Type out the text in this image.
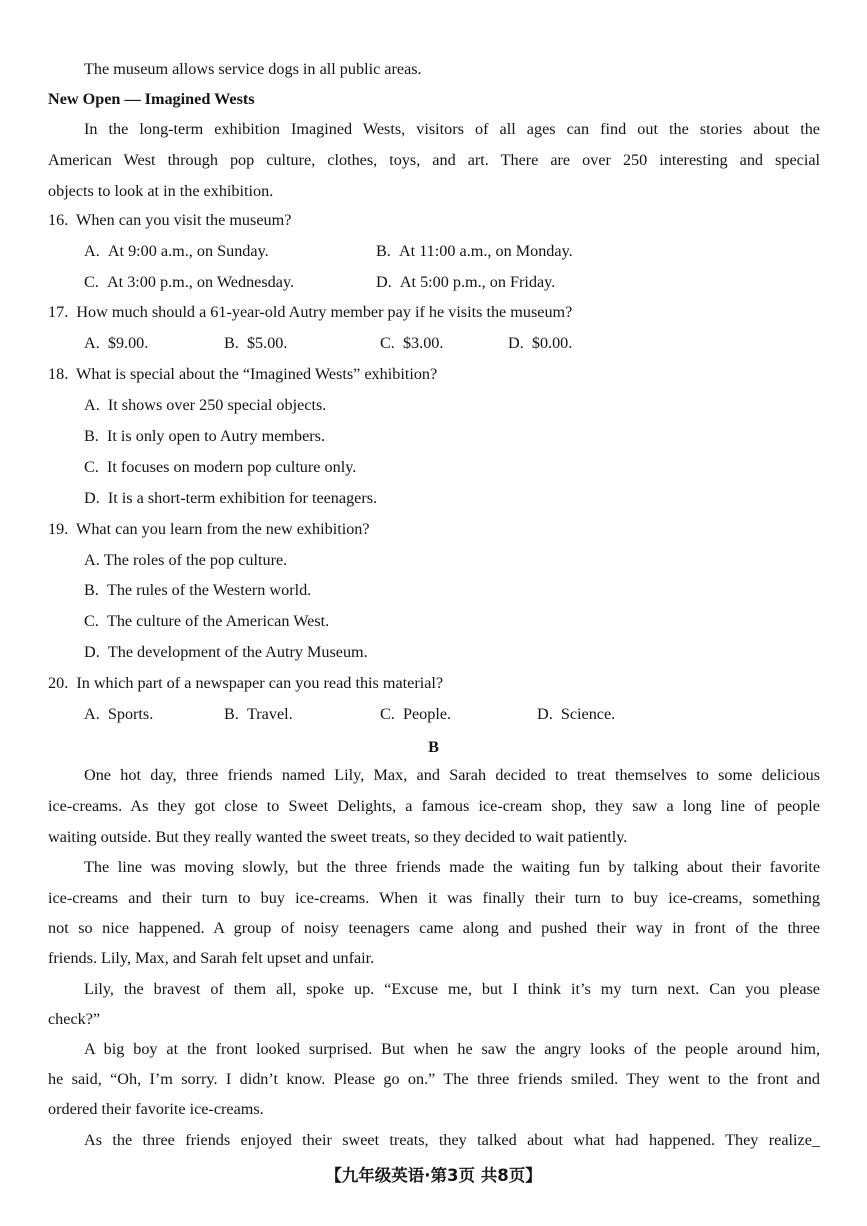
The museum allows service dogs in all public areas.
New Open — Imagined Wests
In the long-term exhibition Imagined Wests, visitors of all ages can find out the stories about the
American West through pop culture, clothes, toys, and art. There are over 250 interesting and special
objects to look at in the exhibition.
16. When can you visit the museum?
A. At 9:00 a.m., on Sunday.	B. At 11:00 a.m., on Monday.
C. At 3:00 p.m., on Wednesday.	D. At 5:00 p.m., on Friday.
17. How much should a 61-year-old Autry member pay if he visits the museum?
A. $9.00.	B. $5.00.	C. $3.00.	D. $0.00.
18. What is special about the “Imagined Wests” exhibition?
A. It shows over 250 special objects.
B. It is only open to Autry members.
C. It focuses on modern pop culture only.
D. It is a short-term exhibition for teenagers.
19. What can you learn from the new exhibition?
A. The roles of the pop culture.
B. The rules of the Western world.
C. The culture of the American West.
D. The development of the Autry Museum.
20. In which part of a newspaper can you read this material?
A. Sports.	B. Travel.	C. People.	D. Science.
B
One hot day, three friends named Lily, Max, and Sarah decided to treat themselves to some delicious
ice-creams. As they got close to Sweet Delights, a famous ice-cream shop, they saw a long line of people
waiting outside. But they really wanted the sweet treats, so they decided to wait patiently.
The line was moving slowly, but the three friends made the waiting fun by talking about their favorite
ice-creams and their turn to buy ice-creams. When it was finally their turn to buy ice-creams, something
not so nice happened. A group of noisy teenagers came along and pushed their way in front of the three
friends. Lily, Max, and Sarah felt upset and unfair.
Lily, the bravest of them all, spoke up. “Excuse me, but I think it’s my turn next. Can you please
check?”
A big boy at the front looked surprised. But when he saw the angry looks of the people around him,
he said, “Oh, I’m sorry. I didn’t know. Please go on.” The three friends smiled. They went to the front and
ordered their favorite ice-creams.
As the three friends enjoyed their sweet treats, they talked about what had happened. They realize_
【九年级英语·第3页 共8页】
